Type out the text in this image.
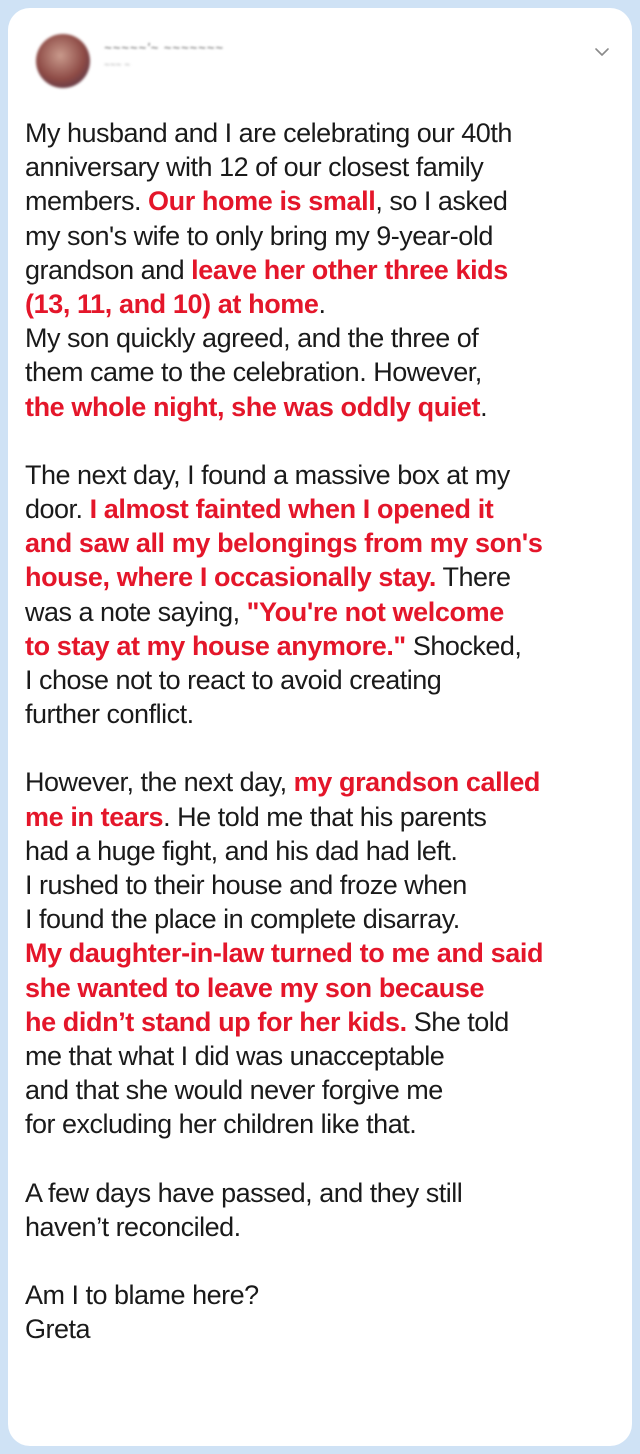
~~~~~'~ ~~~~~~~
~~~ ~

My husband and I are celebrating our 40th
anniversary with 12 of our closest family
members. Our home is small, so I asked
my son's wife to only bring my 9-year-old
grandson and leave her other three kids
(13, 11, and 10) at home.
My son quickly agreed, and the three of
them came to the celebration. However,
the whole night, she was oddly quiet.

The next day, I found a massive box at my
door. I almost fainted when I opened it
and saw all my belongings from my son's
house, where I occasionally stay. There
was a note saying, "You're not welcome
to stay at my house anymore." Shocked,
I chose not to react to avoid creating
further conflict.

However, the next day, my grandson called
me in tears. He told me that his parents
had a huge fight, and his dad had left.
I rushed to their house and froze when
I found the place in complete disarray.
My daughter-in-law turned to me and said
she wanted to leave my son because
he didn’t stand up for her kids. She told
me that what I did was unacceptable
and that she would never forgive me
for excluding her children like that.

A few days have passed, and they still
haven’t reconciled.

Am I to blame here?
Greta
